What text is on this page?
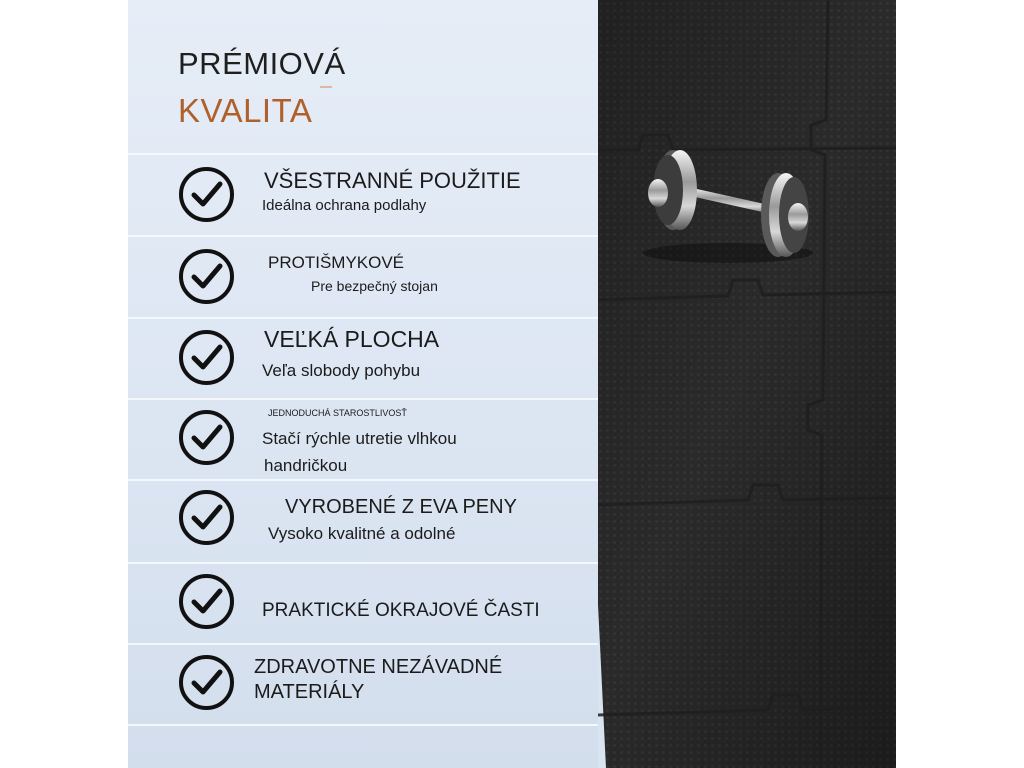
PRÉMIOVÁ
KVALITA
VŠESTRANNÉ POUŽITIE
Ideálna ochrana podlahy
PROTIŠMYKOVÉ
Pre bezpečný stojan
VEĽKÁ PLOCHA
Veľa slobody pohybu
JEDNODUCHÁ STAROSTLIVOSŤ
Stačí rýchle utretie vlhkou
handričkou
VYROBENÉ Z EVA PENY
Vysoko kvalitné a odolné
PRAKTICKÉ OKRAJOVÉ ČASTI
ZDRAVOTNE NEZÁVADNÉ
MATERIÁLY
